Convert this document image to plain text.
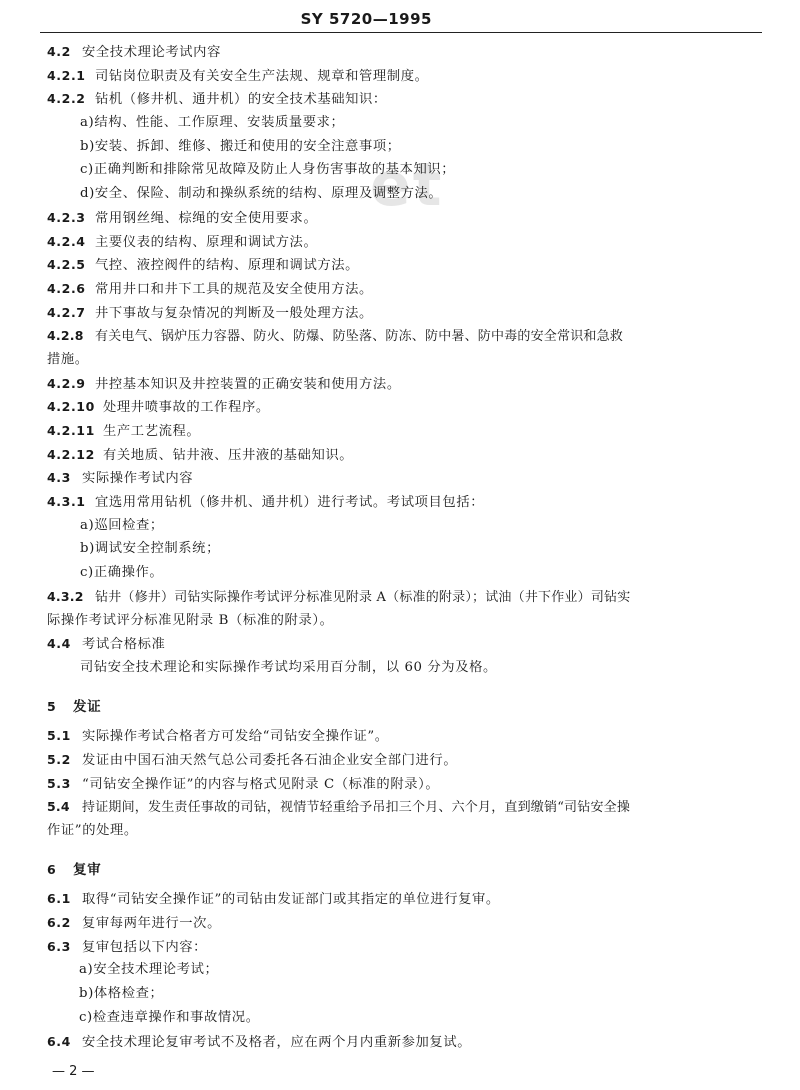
SY 5720—1995
et
4.2 安全技术理论考试内容
4.2.1 司钻岗位职责及有关安全生产法规、规章和管理制度。
4.2.2 钻机（修井机、通井机）的安全技术基础知识：
a)结构、性能、工作原理、安装质量要求；
b)安装、拆卸、维修、搬迁和使用的安全注意事项；
c)正确判断和排除常见故障及防止人身伤害事故的基本知识；
d)安全、保险、制动和操纵系统的结构、原理及调整方法。
4.2.3 常用钢丝绳、棕绳的安全使用要求。
4.2.4 主要仪表的结构、原理和调试方法。
4.2.5 气控、液控阀件的结构、原理和调试方法。
4.2.6 常用井口和井下工具的规范及安全使用方法。
4.2.7 井下事故与复杂情况的判断及一般处理方法。
4.2.8 有关电气、锅炉压力容器、防火、防爆、防坠落、防冻、防中暑、防中毒的安全常识和急救
措施。
4.2.9 井控基本知识及井控装置的正确安装和使用方法。
4.2.10 处理井喷事故的工作程序。
4.2.11 生产工艺流程。
4.2.12 有关地质、钻井液、压井液的基础知识。
4.3 实际操作考试内容
4.3.1 宜选用常用钻机（修井机、通井机）进行考试。考试项目包括：
a)巡回检查；
b)调试安全控制系统；
c)正确操作。
4.3.2 钻井（修井）司钻实际操作考试评分标准见附录 A（标准的附录）；试油（井下作业）司钻实
际操作考试评分标准见附录 B（标准的附录）。
4.4 考试合格标准
司钻安全技术理论和实际操作考试均采用百分制，以 60 分为及格。
5 发证
5.1 实际操作考试合格者方可发给“司钻安全操作证”。
5.2 发证由中国石油天然气总公司委托各石油企业安全部门进行。
5.3 “司钻安全操作证”的内容与格式见附录 C（标准的附录）。
5.4 持证期间，发生责任事故的司钻，视情节轻重给予吊扣三个月、六个月，直到缴销“司钻安全操
作证”的处理。
6 复审
6.1 取得“司钻安全操作证”的司钻由发证部门或其指定的单位进行复审。
6.2 复审每两年进行一次。
6.3 复审包括以下内容：
a)安全技术理论考试；
b)体格检查；
c)检查违章操作和事故情况。
6.4 安全技术理论复审考试不及格者，应在两个月内重新参加复试。
— 2 —
